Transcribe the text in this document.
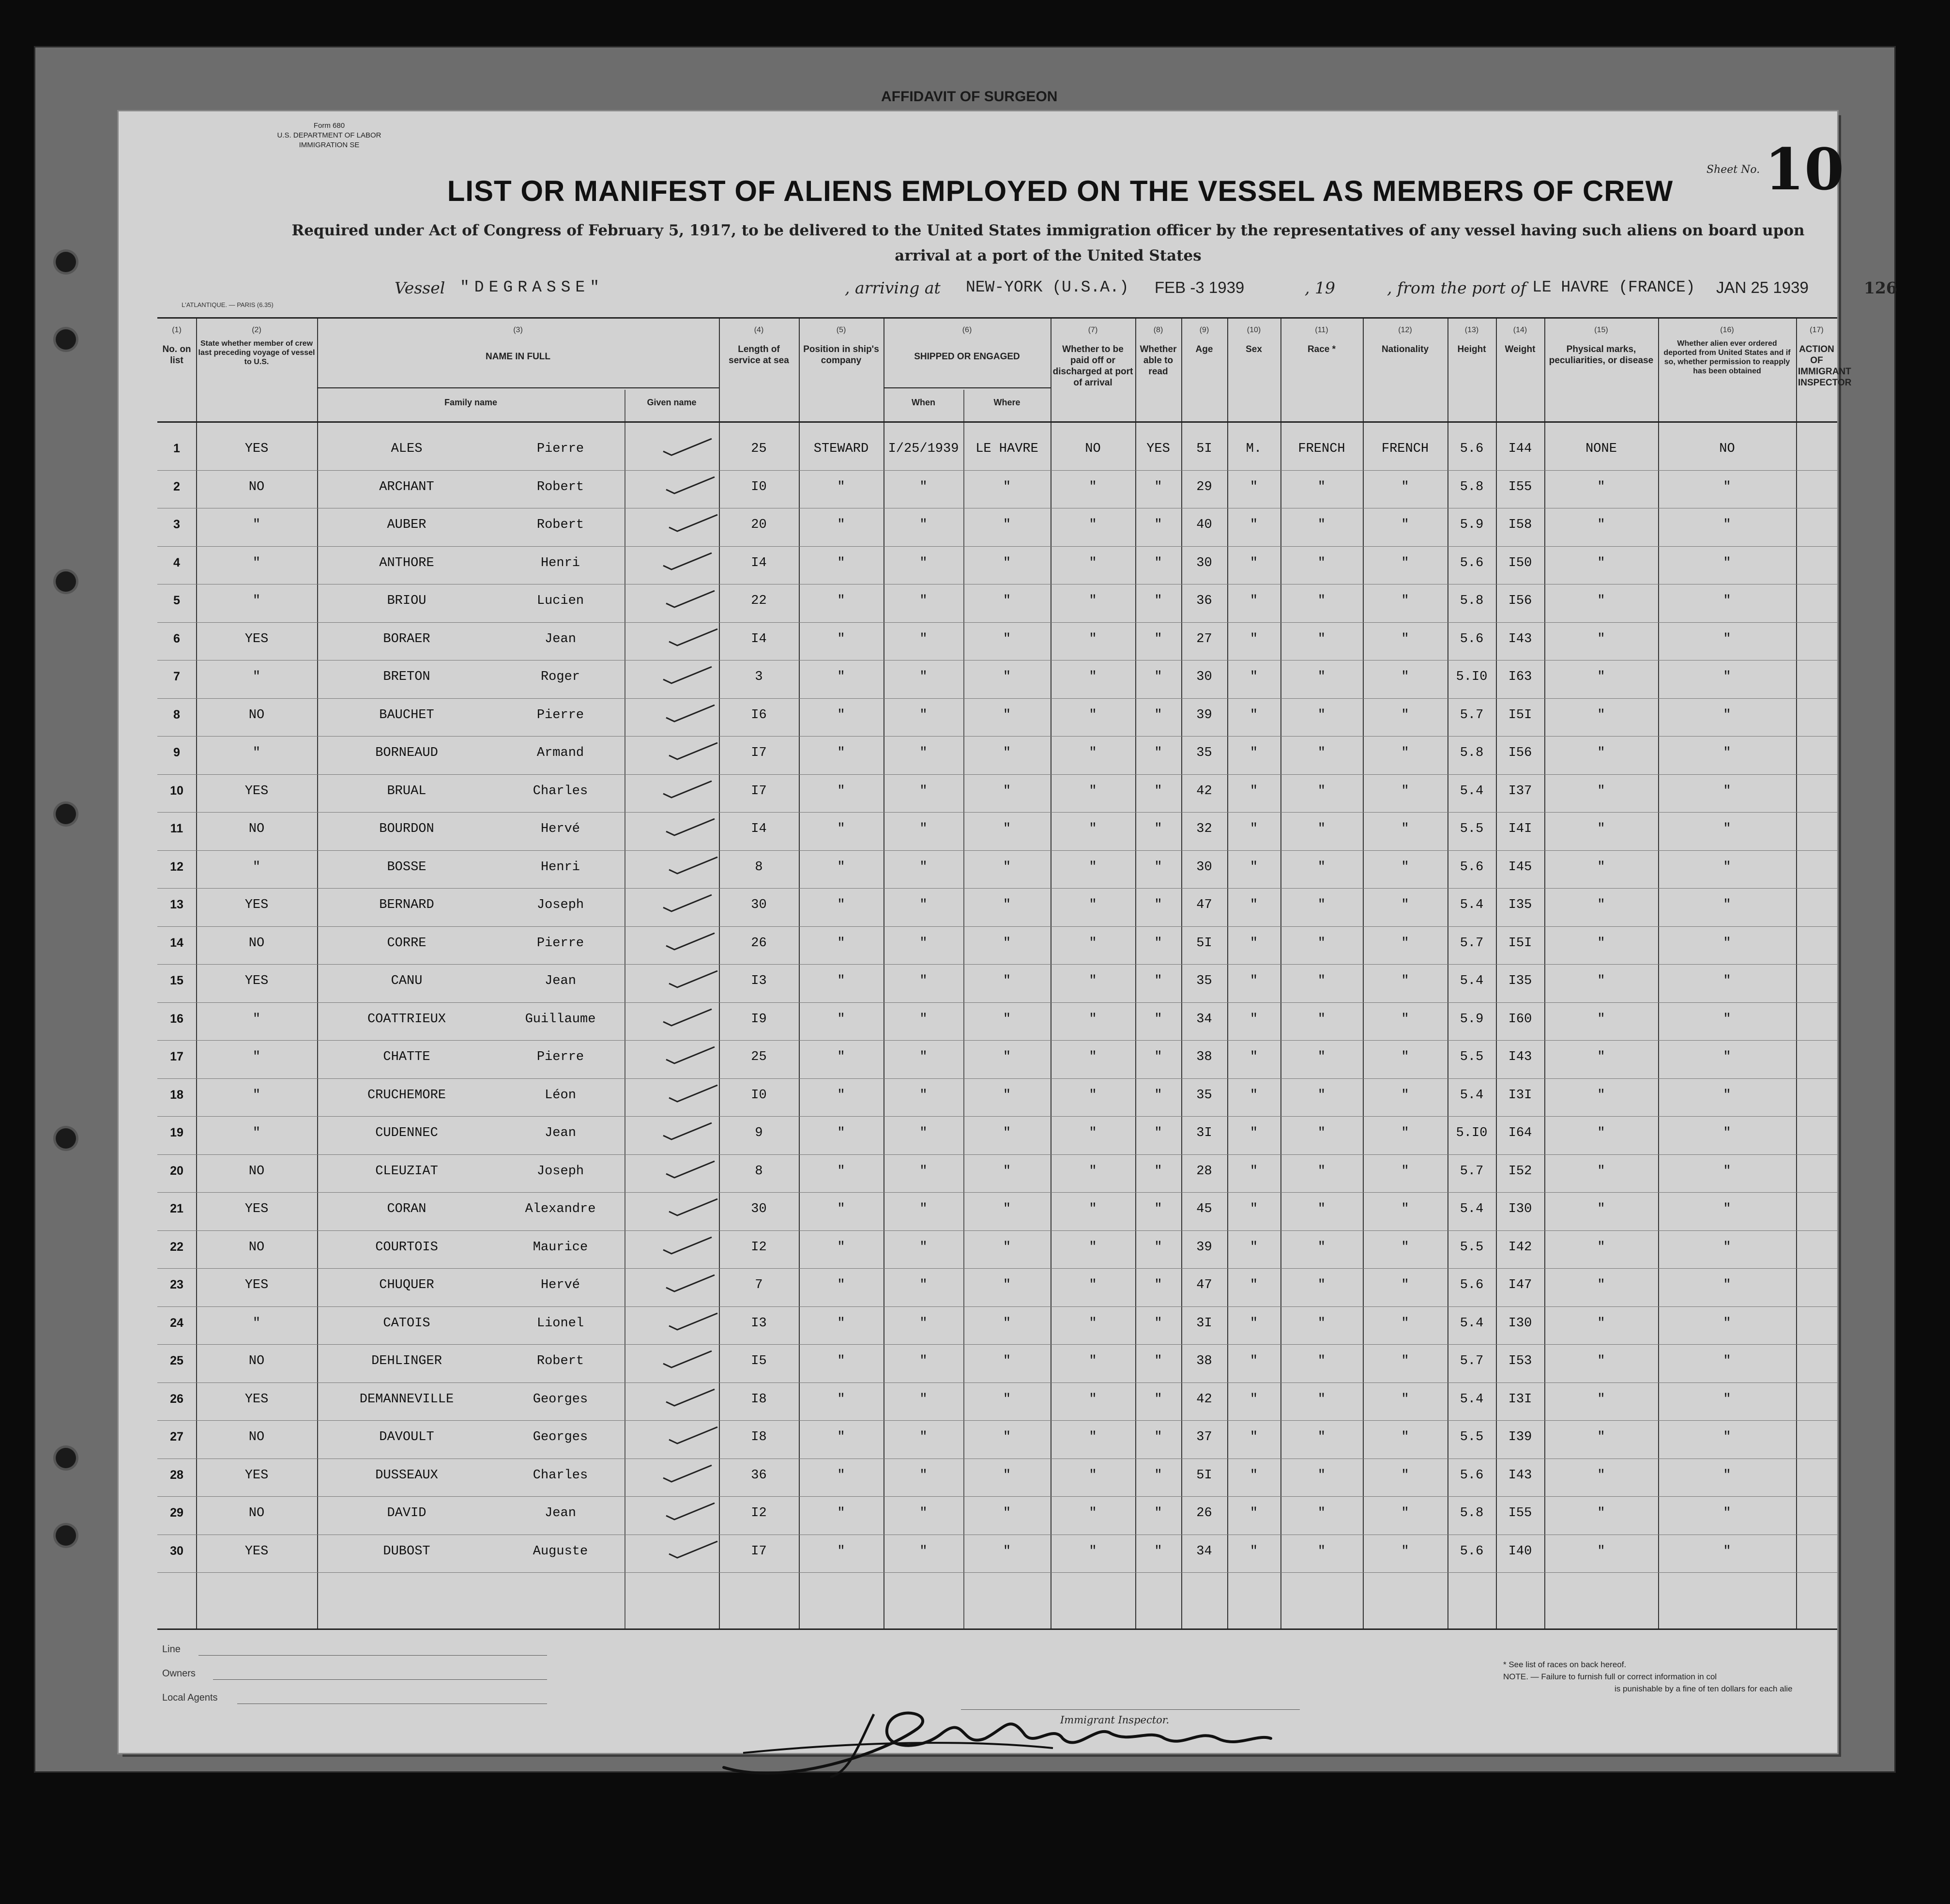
AFFIDAVIT OF SURGEON
Form 680
U.S. DEPARTMENT OF LABOR
IMMIGRATION SE
LIST OR MANIFEST OF ALIENS EMPLOYED ON THE VESSEL AS MEMBERS OF CREW
Sheet No. 10
Required under Act of Congress of February 5, 1917, to be delivered to the United States immigration officer by the representatives of any vessel having such aliens on board upon arrival at a port of the United States
Vessel "DEGRASSE"	, arriving at NEW-YORK (U.S.A.) FEB -3 1939	, 19	, from the port of LE HAVRE (FRANCE) JAN 25 1939	126
L'ATLANTIQUE. — PARIS (6.35)
(1)
No. on list
(2)
State whether member of crew last preceding voyage of vessel to U.S.
(3)
NAME IN FULL
Family name	Given name
(4)
Length of service at sea
(5)
Position in ship's company
(6)
SHIPPED OR ENGAGED
When	Where
(7)
Whether to be paid off or discharged at port of arrival
(8)
Whether able to read
(9)
Age
(10)
Sex
(11)
Race *
(12)
Nationality
(13)
Height
(14)
Weight
(15)
Physical marks, peculiarities, or disease
(16)
Whether alien ever ordered deported from United States and if so, whether permission to reapply has been obtained
(17)
ACTION OF IMMIGRANT INSPECTOR
1	YES	ALES	Pierre	25	STEWARD	I/25/1939	LE HAVRE	NO	YES	5I	M.	FRENCH	FRENCH	5.6	I44	NONE	NO
2	NO	ARCHANT	Robert	I0	"	"	"	"	"	29	"	"	"	5.8	I55	"	"
3	"	AUBER	Robert	20	"	"	"	"	"	40	"	"	"	5.9	I58	"	"
4	"	ANTHORE	Henri	I4	"	"	"	"	"	30	"	"	"	5.6	I50	"	"
5	"	BRIOU	Lucien	22	"	"	"	"	"	36	"	"	"	5.8	I56	"	"
6	YES	BORAER	Jean	I4	"	"	"	"	"	27	"	"	"	5.6	I43	"	"
7	"	BRETON	Roger	3	"	"	"	"	"	30	"	"	"	5.I0	I63	"	"
8	NO	BAUCHET	Pierre	I6	"	"	"	"	"	39	"	"	"	5.7	I5I	"	"
9	"	BORNEAUD	Armand	I7	"	"	"	"	"	35	"	"	"	5.8	I56	"	"
10	YES	BRUAL	Charles	I7	"	"	"	"	"	42	"	"	"	5.4	I37	"	"
11	NO	BOURDON	Hervé	I4	"	"	"	"	"	32	"	"	"	5.5	I4I	"	"
12	"	BOSSE	Henri	8	"	"	"	"	"	30	"	"	"	5.6	I45	"	"
13	YES	BERNARD	Joseph	30	"	"	"	"	"	47	"	"	"	5.4	I35	"	"
14	NO	CORRE	Pierre	26	"	"	"	"	"	5I	"	"	"	5.7	I5I	"	"
15	YES	CANU	Jean	I3	"	"	"	"	"	35	"	"	"	5.4	I35	"	"
16	"	COATTRIEUX	Guillaume	I9	"	"	"	"	"	34	"	"	"	5.9	I60	"	"
17	"	CHATTE	Pierre	25	"	"	"	"	"	38	"	"	"	5.5	I43	"	"
18	"	CRUCHEMORE	Léon	I0	"	"	"	"	"	35	"	"	"	5.4	I3I	"	"
19	"	CUDENNEC	Jean	9	"	"	"	"	"	3I	"	"	"	5.I0	I64	"	"
20	NO	CLEUZIAT	Joseph	8	"	"	"	"	"	28	"	"	"	5.7	I52	"	"
21	YES	CORAN	Alexandre	30	"	"	"	"	"	45	"	"	"	5.4	I30	"	"
22	NO	COURTOIS	Maurice	I2	"	"	"	"	"	39	"	"	"	5.5	I42	"	"
23	YES	CHUQUER	Hervé	7	"	"	"	"	"	47	"	"	"	5.6	I47	"	"
24	"	CATOIS	Lionel	I3	"	"	"	"	"	3I	"	"	"	5.4	I30	"	"
25	NO	DEHLINGER	Robert	I5	"	"	"	"	"	38	"	"	"	5.7	I53	"	"
26	YES	DEMANNEVILLE	Georges	I8	"	"	"	"	"	42	"	"	"	5.4	I3I	"	"
27	NO	DAVOULT	Georges	I8	"	"	"	"	"	37	"	"	"	5.5	I39	"	"
28	YES	DUSSEAUX	Charles	36	"	"	"	"	"	5I	"	"	"	5.6	I43	"	"
29	NO	DAVID	Jean	I2	"	"	"	"	"	26	"	"	"	5.8	I55	"	"
30	YES	DUBOST	Auguste	I7	"	"	"	"	"	34	"	"	"	5.6	I40	"	"
Line
Owners
Local Agents
* See list of races on back hereof.
NOTE. — Failure to furnish full or correct information in col
is punishable by a fine of ten dollars for each alie
Immigrant Inspector.
